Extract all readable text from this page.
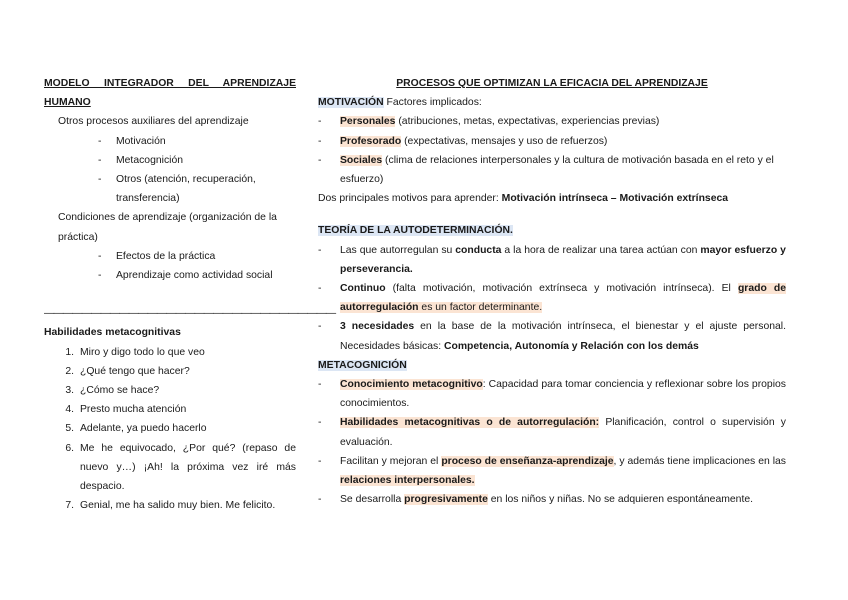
MODELO INTEGRADOR DEL APRENDIZAJE
HUMANO
Otros procesos auxiliares del aprendizaje
-	Motivación
-	Metacognición
-	Otros (atención, recuperación, transferencia)
Condiciones de aprendizaje (organización de la práctica)
-	Efectos de la práctica
-	Aprendizaje como actividad social
———————————————————————————————
Habilidades metacognitivas
1. Miro y digo todo lo que veo
2. ¿Qué tengo que hacer?
3. ¿Cómo se hace?
4. Presto mucha atención
5. Adelante, ya puedo hacerlo
6. Me he equivocado, ¿Por qué? (repaso de nuevo y…) ¡Ah! la próxima vez iré más despacio.
7. Genial, me ha salido muy bien. Me felicito.
PROCESOS QUE OPTIMIZAN LA EFICACIA DEL APRENDIZAJE
MOTIVACIÓN Factores implicados:
-	Personales (atribuciones, metas, expectativas, experiencias previas)
-	Profesorado (expectativas, mensajes y uso de refuerzos)
-	Sociales (clima de relaciones interpersonales y la cultura de motivación basada en el reto y el esfuerzo)
Dos principales motivos para aprender: Motivación intrínseca – Motivación extrínseca
TEORÍA DE LA AUTODETERMINACIÓN.
-	Las que autorregulan su conducta a la hora de realizar una tarea actúan con mayor esfuerzo y perseverancia.
-	Continuo (falta motivación, motivación extrínseca y motivación intrínseca). El grado de autorregulación es un factor determinante.
-	3 necesidades en la base de la motivación intrínseca, el bienestar y el ajuste personal. Necesidades básicas: Competencia, Autonomía y Relación con los demás
METACOGNICIÓN
-	Conocimiento metacognitivo: Capacidad para tomar conciencia y reflexionar sobre los propios conocimientos.
-	Habilidades metacognitivas o de autorregulación: Planificación, control o supervisión y evaluación.
-	Facilitan y mejoran el proceso de enseñanza-aprendizaje, y además tiene implicaciones en las relaciones interpersonales.
-	Se desarrolla progresivamente en los niños y niñas. No se adquieren espontáneamente.
